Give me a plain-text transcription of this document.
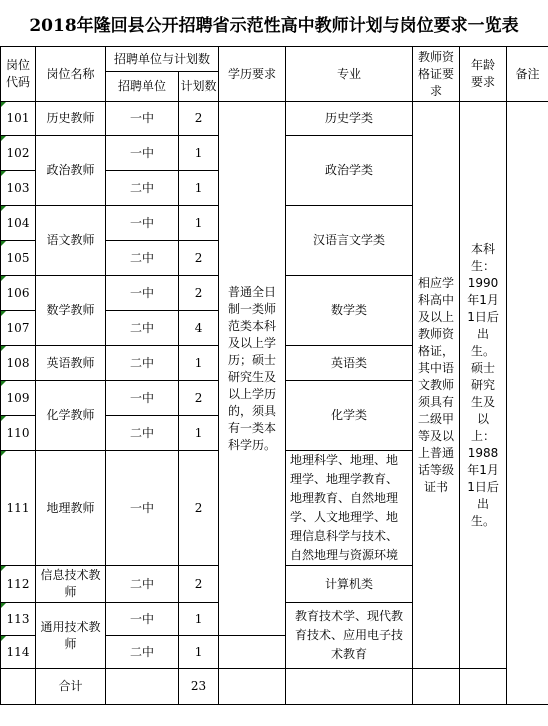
2018年隆回县公开招聘省示范性高中教师计划与岗位要求一览表
岗位代码	岗位名称	招聘单位与计划数		学历要求	专业	教师资格证要求	年龄要求	备注
		招聘单位	计划数					
101	历史教师	一中	2	普通全日制一类师范类本科及以上学历；硕士研究生及以上学历的，须具有一类本科学历。	历史学类	相应学科高中及以上教师资格证，其中语文教师须具有二级甲等及以上普通话等级证书	本科生：1990年1月1日后出生。硕士研究生及以上：1988年1月1日后出生。	
102	政治教师	一中	1		政治学类			
103		二中	1					
104	语文教师	一中	1		汉语言文学类			
105		二中	2					
106	数学教师	一中	2		数学类			
107		二中	4					
108	英语教师	二中	1		英语类			
109	化学教师	一中	2		化学类			
110		二中	1					
111	地理教师	一中	2		地理科学、地理、地理学、地理学教育、地理教育、自然地理学、人文地理学、地理信息科学与技术、自然地理与资源环境			
112	信息技术教师	二中	2		计算机类			
113	通用技术教师	一中	1		教育技术学、现代教育技术、应用电子技术教育			
114		二中	1					
	合计		23					
